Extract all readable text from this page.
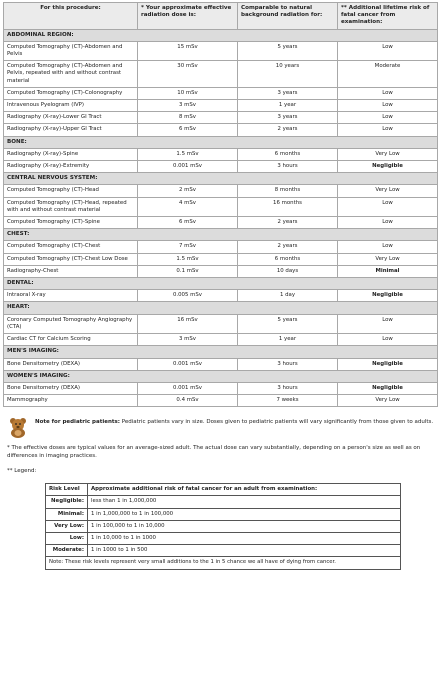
For this procedure:	* Your approximate effective radiation dose is:	Comparable to natural background radiation for:	** Additional lifetime risk of fatal cancer from examination:
ABDOMINAL REGION:			
Computed Tomography (CT)-Abdomen and Pelvis	15 mSv	5 years	Low
Computed Tomography (CT)-Abdomen and Pelvis, repeated with and without contrast material	30 mSv	10 years	Moderate
Computed Tomography (CT)-Colonography	10 mSv	3 years	Low
Intravenous Pyelogram (IVP)	3 mSv	1 year	Low
Radiography (X-ray)-Lower GI Tract	8 mSv	3 years	Low
Radiography (X-ray)-Upper GI Tract	6 mSv	2 years	Low
BONE:			
Radiography (X-ray)-Spine	1.5 mSv	6 months	Very Low
Radiography (X-ray)-Extremity	0.001 mSv	3 hours	Negligible
CENTRAL NERVOUS SYSTEM:			
Computed Tomography (CT)-Head	2 mSv	8 months	Very Low
Computed Tomography (CT)-Head, repeated with and without contrast material	4 mSv	16 months	Low
Computed Tomography (CT)-Spine	6 mSv	2 years	Low
CHEST:			
Computed Tomography (CT)-Chest	7 mSv	2 years	Low
Computed Tomography (CT)-Chest Low Dose	1.5 mSv	6 months	Very Low
Radiography-Chest	0.1 mSv	10 days	Minimal
DENTAL:			
Intraoral X-ray	0.005 mSv	1 day	Negligible
HEART:			
Coronary Computed Tomography Angiography (CTA)	16 mSv	5 years	Low
Cardiac CT for Calcium Scoring	3 mSv	1 year	Low
MEN'S IMAGING:			
Bone Densitometry (DEXA)	0.001 mSv	3 hours	Negligible
WOMEN'S IMAGING:			
Bone Densitometry (DEXA)	0.001 mSv	3 hours	Negligible
Mammography	0.4 mSv	7 weeks	Very Low
Note for pediatric patients: Pediatric patients vary in size. Doses given to pediatric patients will vary significantly from those given to adults.
* The effective doses are typical values for an average-sized adult. The actual dose can vary substantially, depending on a person's size as well as on differences in imaging practices.
** Legend:
Risk Level	Approximate additional risk of fatal cancer for an adult from examination:
Negligible:	less than 1 in 1,000,000
Minimal:	1 in 1,000,000 to 1 in 100,000
Very Low:	1 in 100,000 to 1 in 10,000
Low:	1 in 10,000 to 1 in 1000
Moderate:	1 in 1000 to 1 in 500
Note: These risk levels represent very small additions to the 1 in 5 chance we all have of dying from cancer.	
